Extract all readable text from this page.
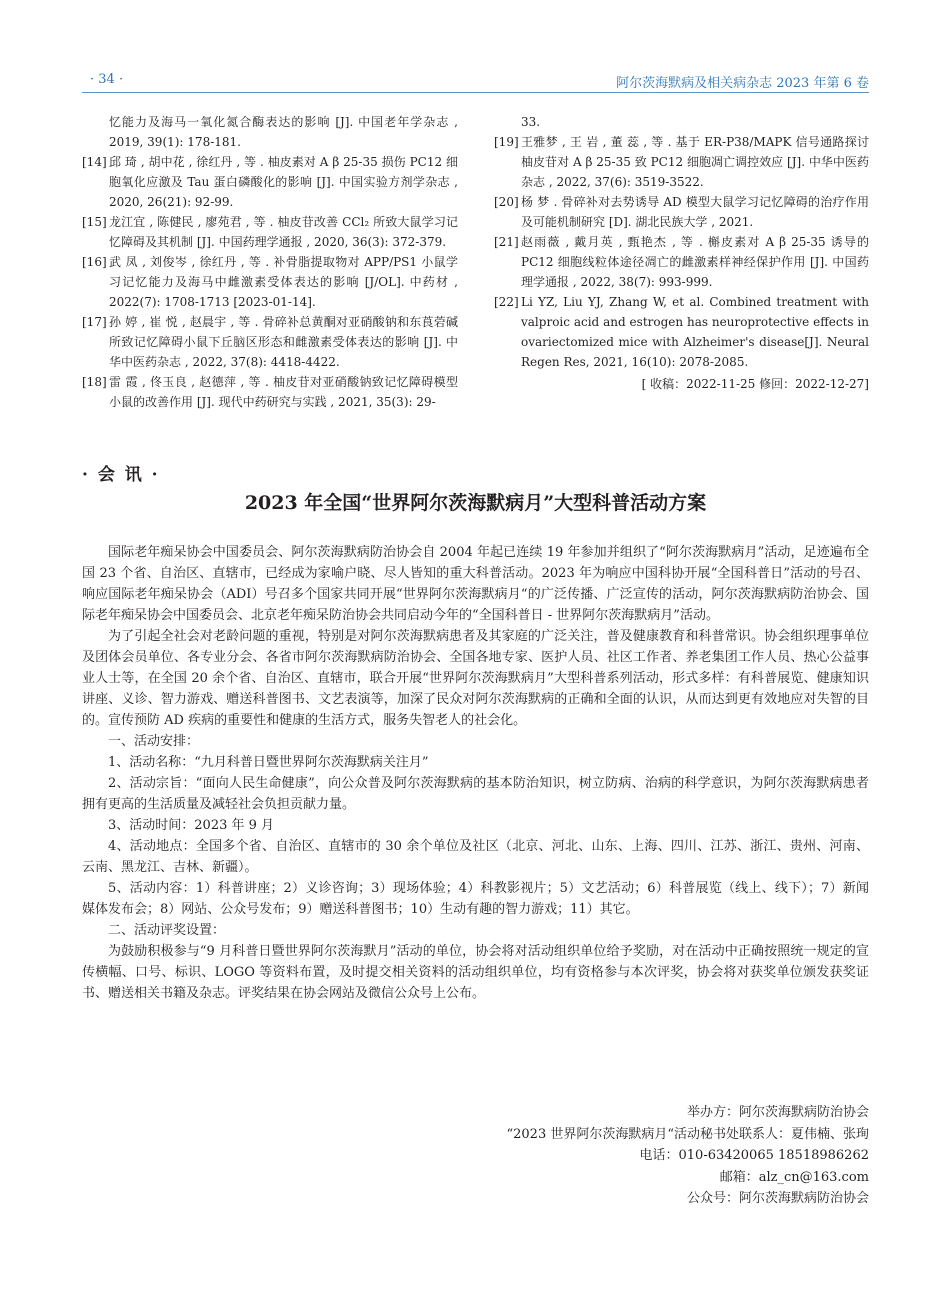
· 34 ·	阿尔茨海默病及相关病杂志 2023 年第 6 卷
忆能力及海马一氧化氮合酶表达的影响 [J]. 中国老年学杂志 , 2019, 39(1): 178-181.
[14] 邱 琦 , 胡中花 , 徐红丹 , 等 . 柚皮素对 A β 25-35 损伤 PC12 细胞氧化应激及 Tau 蛋白磷酸化的影响 [J]. 中国实验方剂学杂志 , 2020, 26(21): 92-99.
[15] 龙江宜 , 陈健民 , 廖苑君 , 等 . 柚皮苷改善 CCl₂ 所致大鼠学习记忆障碍及其机制 [J]. 中国药理学通报 , 2020, 36(3): 372-379.
[16] 武 凤 , 刘俊岑 , 徐红丹 , 等 . 补骨脂提取物对 APP/PS1 小鼠学习记忆能力及海马中雌激素受体表达的影响 [J/OL]. 中药材 , 2022(7): 1708-1713 [2023-01-14].
[17] 孙 婷 , 崔 悦 , 赵晨宇 , 等 . 骨碎补总黄酮对亚硝酸钠和东莨菪碱所致记忆障碍小鼠下丘脑区形态和雌激素受体表达的影响 [J]. 中华中医药杂志 , 2022, 37(8): 4418-4422.
[18] 雷 霞 , 佟玉良 , 赵德萍 , 等 . 柚皮苷对亚硝酸钠致记忆障碍模型小鼠的改善作用 [J]. 现代中药研究与实践 , 2021, 35(3): 29-
33.
[19] 王雅梦 , 王 岩 , 董 蕊 , 等 . 基于 ER-P38/MAPK 信号通路探讨柚皮苷对 A β 25-35 致 PC12 细胞凋亡调控效应 [J]. 中华中医药杂志 , 2022, 37(6): 3519-3522.
[20] 杨 梦 . 骨碎补对去势诱导 AD 模型大鼠学习记忆障碍的治疗作用及可能机制研究 [D]. 湖北民族大学 , 2021.
[21] 赵雨薇 , 戴月英 , 甄艳杰 , 等 . 槲皮素对 A β 25-35 诱导的 PC12 细胞线粒体途径凋亡的雌激素样神经保护作用 [J]. 中国药理学通报 , 2022, 38(7): 993-999.
[22] Li YZ, Liu YJ, Zhang W, et al. Combined treatment with valproic acid and estrogen has neuroprotective effects in ovariectomized mice with Alzheimer's disease[J]. Neural Regen Res, 2021, 16(10): 2078-2085.
[ 收稿：2022-11-25 修回：2022-12-27]
· 会 讯 ·
2023 年全国“世界阿尔茨海默病月”大型科普活动方案

国际老年痴呆协会中国委员会、阿尔茨海默病防治协会自 2004 年起已连续 19 年参加并组织了“阿尔茨海默病月”活动，足迹遍布全国 23 个省、自治区、直辖市，已经成为家喻户晓、尽人皆知的重大科普活动。2023 年为响应中国科协开展“全国科普日”活动的号召、响应国际老年痴呆协会（ADI）号召多个国家共同开展“世界阿尔茨海默病月“的广泛传播、广泛宣传的活动，阿尔茨海默病防治协会、国际老年痴呆协会中国委员会、北京老年痴呆防治协会共同启动今年的“全国科普日 - 世界阿尔茨海默病月”活动。

为了引起全社会对老龄问题的重视，特别是对阿尔茨海默病患者及其家庭的广泛关注，普及健康教育和科普常识。协会组织理事单位及团体会员单位、各专业分会、各省市阿尔茨海默病防治协会、全国各地专家、医护人员、社区工作者、养老集团工作人员、热心公益事业人士等，在全国 20 余个省、自治区、直辖市，联合开展“世界阿尔茨海默病月”大型科普系列活动，形式多样：有科普展览、健康知识讲座、义诊、智力游戏、赠送科普图书、文艺表演等，加深了民众对阿尔茨海默病的正确和全面的认识，从而达到更有效地应对失智的目的。宣传预防 AD 疾病的重要性和健康的生活方式，服务失智老人的社会化。

一、活动安排：

1、活动名称：“九月科普日暨世界阿尔茨海默病关注月”

2、活动宗旨：“面向人民生命健康”，向公众普及阿尔茨海默病的基本防治知识，树立防病、治病的科学意识，为阿尔茨海默病患者拥有更高的生活质量及减轻社会负担贡献力量。

3、活动时间：2023 年 9 月

4、活动地点：全国多个省、自治区、直辖市的 30 余个单位及社区（北京、河北、山东、上海、四川、江苏、浙江、贵州、河南、云南、黑龙江、吉林、新疆）。

5、活动内容：1）科普讲座；2）义诊咨询；3）现场体验；4）科教影视片；5）文艺活动；6）科普展览（线上、线下）；7）新闻媒体发布会；8）网站、公众号发布；9）赠送科普图书；10）生动有趣的智力游戏；11）其它。

二、活动评奖设置：

为鼓励积极参与“9 月科普日暨世界阿尔茨海默月”活动的单位，协会将对活动组织单位给予奖励，对在活动中正确按照统一规定的宣传横幅、口号、标识、LOGO 等资料布置，及时提交相关资料的活动组织单位，均有资格参与本次评奖，协会将对获奖单位颁发获奖证书、赠送相关书籍及杂志。评奖结果在协会网站及微信公众号上公布。

举办方：阿尔茨海默病防治协会
“2023 世界阿尔茨海默病月“活动秘书处联系人：夏伟楠、张珣
电话：010-63420065 18518986262
邮箱：alz_cn@163.com
公众号：阿尔茨海默病防治协会
